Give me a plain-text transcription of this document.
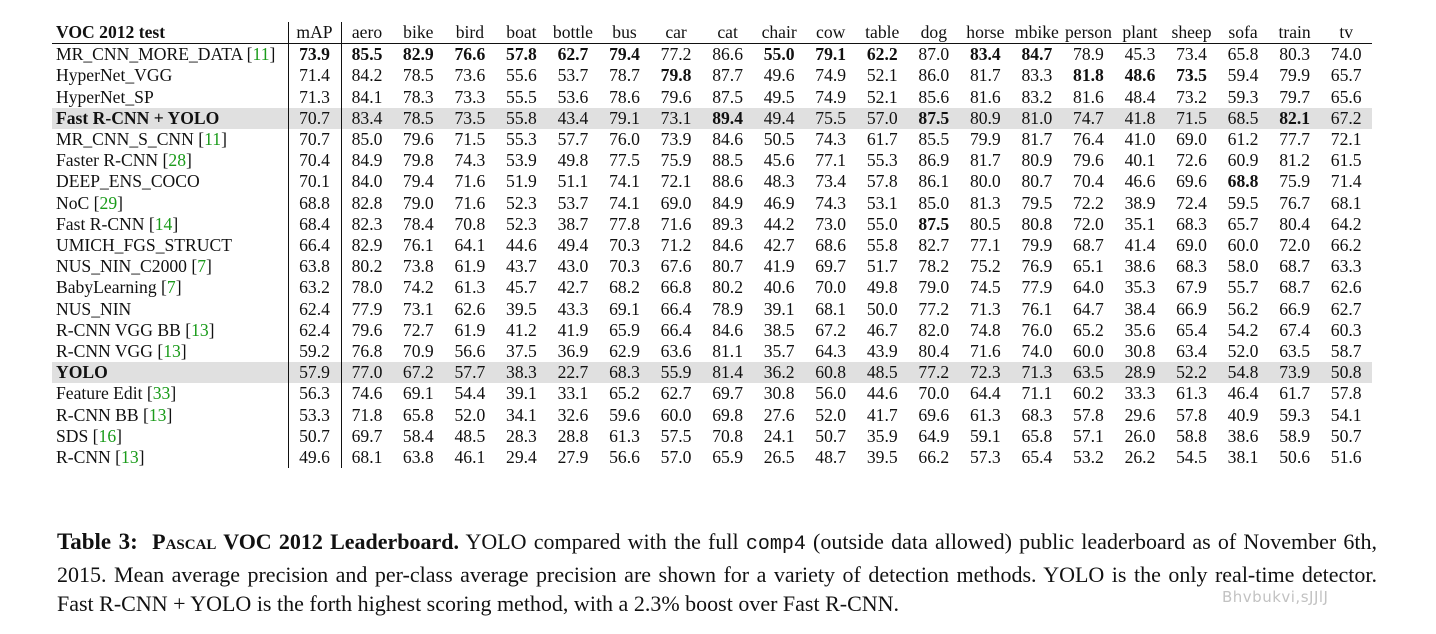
VOC 2012 test	mAP	aero	bike	bird	boat	bottle	bus	car	cat	chair	cow	table	dog	horse	mbike	person	plant	sheep	sofa	train	tv
MR_CNN_MORE_DATA [11]	73.9	85.5	82.9	76.6	57.8	62.7	79.4	77.2	86.6	55.0	79.1	62.2	87.0	83.4	84.7	78.9	45.3	73.4	65.8	80.3	74.0
HyperNet_VGG	71.4	84.2	78.5	73.6	55.6	53.7	78.7	79.8	87.7	49.6	74.9	52.1	86.0	81.7	83.3	81.8	48.6	73.5	59.4	79.9	65.7
HyperNet_SP	71.3	84.1	78.3	73.3	55.5	53.6	78.6	79.6	87.5	49.5	74.9	52.1	85.6	81.6	83.2	81.6	48.4	73.2	59.3	79.7	65.6
Fast R-CNN + YOLO	70.7	83.4	78.5	73.5	55.8	43.4	79.1	73.1	89.4	49.4	75.5	57.0	87.5	80.9	81.0	74.7	41.8	71.5	68.5	82.1	67.2
MR_CNN_S_CNN [11]	70.7	85.0	79.6	71.5	55.3	57.7	76.0	73.9	84.6	50.5	74.3	61.7	85.5	79.9	81.7	76.4	41.0	69.0	61.2	77.7	72.1
Faster R-CNN [28]	70.4	84.9	79.8	74.3	53.9	49.8	77.5	75.9	88.5	45.6	77.1	55.3	86.9	81.7	80.9	79.6	40.1	72.6	60.9	81.2	61.5
DEEP_ENS_COCO	70.1	84.0	79.4	71.6	51.9	51.1	74.1	72.1	88.6	48.3	73.4	57.8	86.1	80.0	80.7	70.4	46.6	69.6	68.8	75.9	71.4
NoC [29]	68.8	82.8	79.0	71.6	52.3	53.7	74.1	69.0	84.9	46.9	74.3	53.1	85.0	81.3	79.5	72.2	38.9	72.4	59.5	76.7	68.1
Fast R-CNN [14]	68.4	82.3	78.4	70.8	52.3	38.7	77.8	71.6	89.3	44.2	73.0	55.0	87.5	80.5	80.8	72.0	35.1	68.3	65.7	80.4	64.2
UMICH_FGS_STRUCT	66.4	82.9	76.1	64.1	44.6	49.4	70.3	71.2	84.6	42.7	68.6	55.8	82.7	77.1	79.9	68.7	41.4	69.0	60.0	72.0	66.2
NUS_NIN_C2000 [7]	63.8	80.2	73.8	61.9	43.7	43.0	70.3	67.6	80.7	41.9	69.7	51.7	78.2	75.2	76.9	65.1	38.6	68.3	58.0	68.7	63.3
BabyLearning [7]	63.2	78.0	74.2	61.3	45.7	42.7	68.2	66.8	80.2	40.6	70.0	49.8	79.0	74.5	77.9	64.0	35.3	67.9	55.7	68.7	62.6
NUS_NIN	62.4	77.9	73.1	62.6	39.5	43.3	69.1	66.4	78.9	39.1	68.1	50.0	77.2	71.3	76.1	64.7	38.4	66.9	56.2	66.9	62.7
R-CNN VGG BB [13]	62.4	79.6	72.7	61.9	41.2	41.9	65.9	66.4	84.6	38.5	67.2	46.7	82.0	74.8	76.0	65.2	35.6	65.4	54.2	67.4	60.3
R-CNN VGG [13]	59.2	76.8	70.9	56.6	37.5	36.9	62.9	63.6	81.1	35.7	64.3	43.9	80.4	71.6	74.0	60.0	30.8	63.4	52.0	63.5	58.7
YOLO	57.9	77.0	67.2	57.7	38.3	22.7	68.3	55.9	81.4	36.2	60.8	48.5	77.2	72.3	71.3	63.5	28.9	52.2	54.8	73.9	50.8
Feature Edit [33]	56.3	74.6	69.1	54.4	39.1	33.1	65.2	62.7	69.7	30.8	56.0	44.6	70.0	64.4	71.1	60.2	33.3	61.3	46.4	61.7	57.8
R-CNN BB [13]	53.3	71.8	65.8	52.0	34.1	32.6	59.6	60.0	69.8	27.6	52.0	41.7	69.6	61.3	68.3	57.8	29.6	57.8	40.9	59.3	54.1
SDS [16]	50.7	69.7	58.4	48.5	28.3	28.8	61.3	57.5	70.8	24.1	50.7	35.9	64.9	59.1	65.8	57.1	26.0	58.8	38.6	58.9	50.7
R-CNN [13]	49.6	68.1	63.8	46.1	29.4	27.9	56.6	57.0	65.9	26.5	48.7	39.5	66.2	57.3	65.4	53.2	26.2	54.5	38.1	50.6	51.6
Table 3: Pascal VOC 2012 Leaderboard. YOLO compared with the full comp4 (outside data allowed) public leaderboard as of November 6th, 2015. Mean average precision and per-class average precision are shown for a variety of detection methods. YOLO is the only real-time detector. Fast R-CNN + YOLO is the forth highest scoring method, with a 2.3% boost over Fast R-CNN.	Bhvbukvi,sJJlJ
